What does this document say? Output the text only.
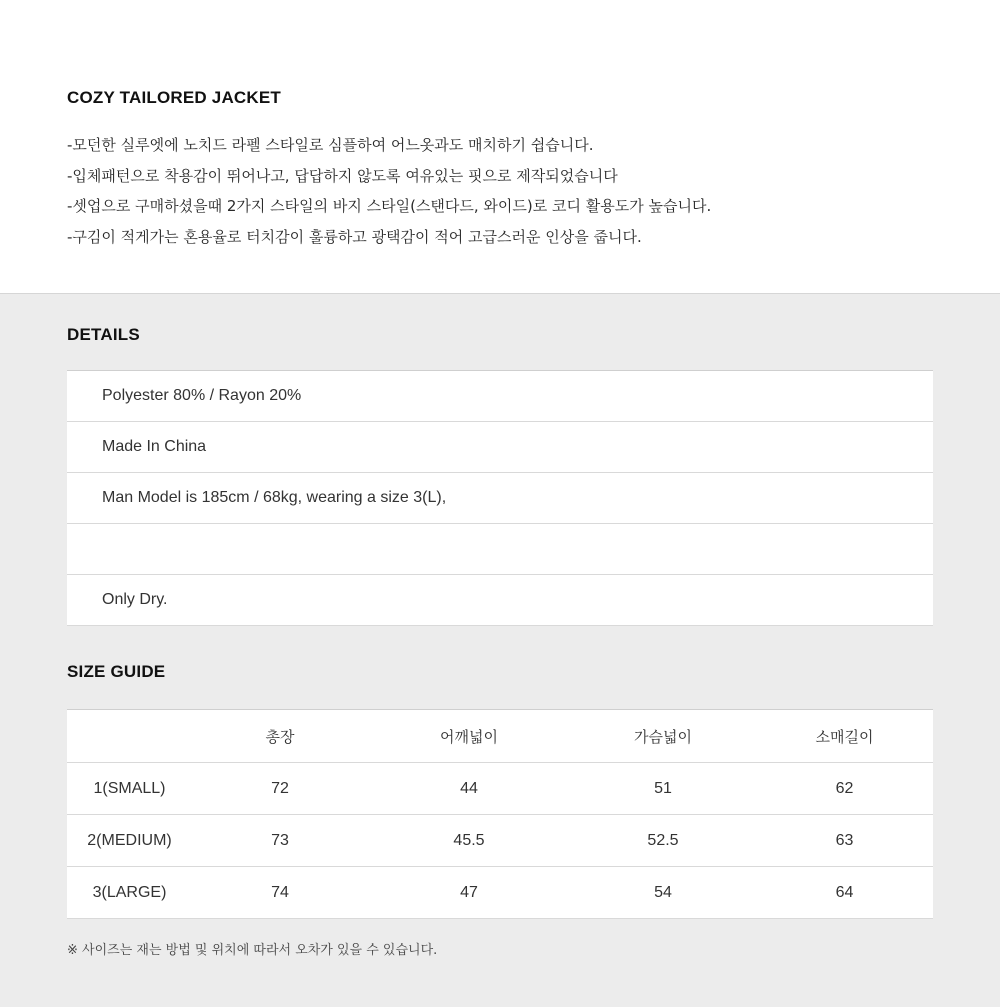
COZY TAILORED JACKET
-모던한 실루엣에 노치드 라펠 스타일로 심플하여 어느옷과도 매치하기 쉽습니다.
-입체패턴으로 착용감이 뛰어나고, 답답하지 않도록 여유있는 핏으로 제작되었습니다
-셋업으로 구매하셨을때 2가지 스타일의 바지 스타일(스탠다드, 와이드)로 코디 활용도가 높습니다.
-구김이 적게가는 혼용율로 터치감이 훌륭하고 광택감이 적어 고급스러운 인상을 줍니다.
DETAILS
Polyester 80% / Rayon 20%
Made In China
Man Model is 185cm / 68kg, wearing a size 3(L),
Only Dry.
SIZE GUIDE
	총장	어깨넓이	가슴넓이	소매길이
1(SMALL)	72	44	51	62
2(MEDIUM)	73	45.5	52.5	63
3(LARGE)	74	47	54	64
※ 사이즈는 재는 방법 및 위치에 따라서 오차가 있을 수 있습니다.
